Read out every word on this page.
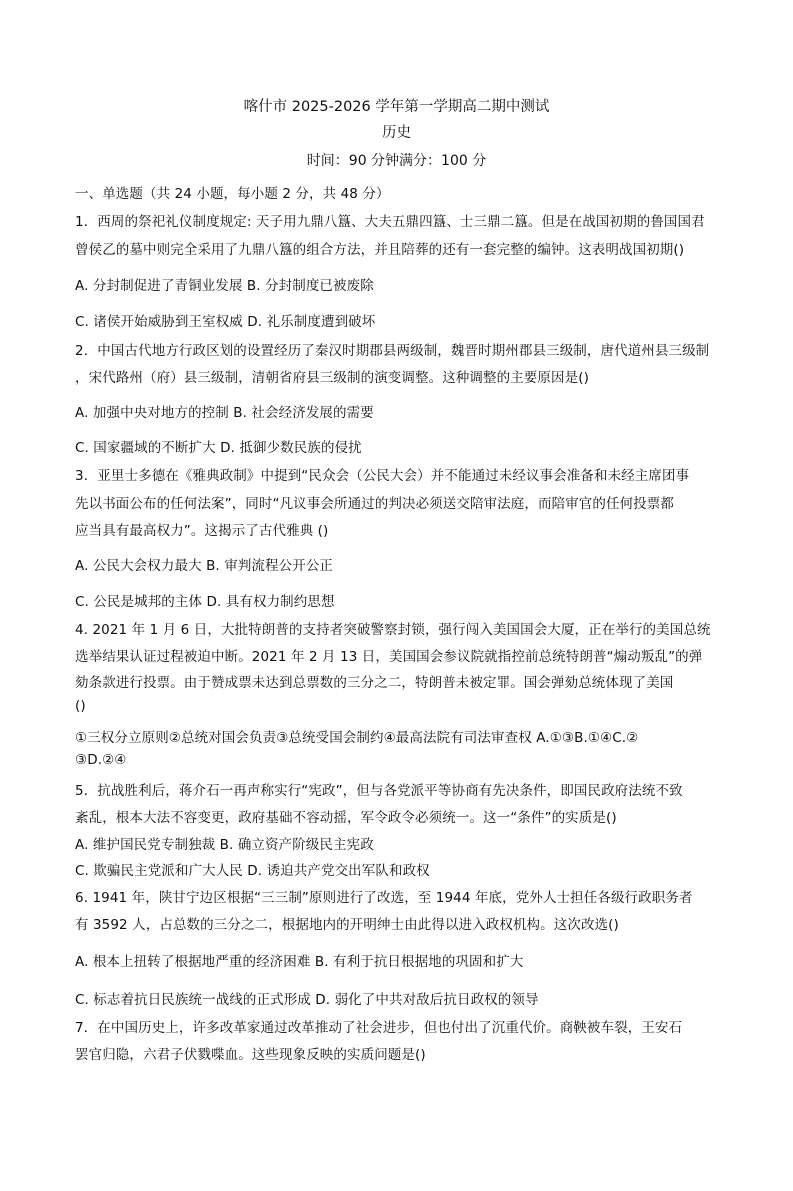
喀什市 2025-2026 学年第一学期高二期中测试
历史
时间：90 分钟满分：100 分
一、单选题（共 24 小题，每小题 2 分，共 48 分）
1．西周的祭祀礼仪制度规定: 天子用九鼎八簋、大夫五鼎四簋、士三鼎二簋。但是在战国初期的鲁国国君
曾侯乙的墓中则完全采用了九鼎八簋的组合方法，并且陪葬的还有一套完整的编钟。这表明战国初期()
A. 分封制促进了青铜业发展 B. 分封制度已被废除
C. 诸侯开始威胁到王室权威 D. 礼乐制度遭到破坏
2．中国古代地方行政区划的设置经历了秦汉时期郡县两级制，魏晋时期州郡县三级制，唐代道州县三级制
，宋代路州（府）县三级制，清朝省府县三级制的演变调整。这种调整的主要原因是()
A. 加强中央对地方的控制 B. 社会经济发展的需要
C. 国家疆域的不断扩大 D. 抵御少数民族的侵扰
3．亚里士多德在《雅典政制》中提到“民众会（公民大会）并不能通过未经议事会准备和未经主席团事
先以书面公布的任何法案”，同时“凡议事会所通过的判决必须送交陪审法庭，而陪审官的任何投票都
应当具有最高权力”。这揭示了古代雅典 ()
A. 公民大会权力最大 B. 审判流程公开公正
C. 公民是城邦的主体 D. 具有权力制约思想
4. 2021 年 1 月 6 日，大批特朗普的支持者突破警察封锁，强行闯入美国国会大厦，正在举行的美国总统
选举结果认证过程被迫中断。2021 年 2 月 13 日，美国国会参议院就指控前总统特朗普“煽动叛乱”的弹
劾条款进行投票。由于赞成票未达到总票数的三分之二，特朗普未被定罪。国会弹劾总统体现了美国
()
①三权分立原则②总统对国会负责③总统受国会制约④最高法院有司法审查权 A.①③B.①④C.②
③D.②④
5．抗战胜利后，蒋介石一再声称实行“宪政”，但与各党派平等协商有先决条件，即国民政府法统不致
紊乱，根本大法不容变更，政府基础不容动摇，军令政令必须统一。这一“条件”的实质是()
A. 维护国民党专制独裁 B. 确立资产阶级民主宪政
C. 欺骗民主党派和广大人民 D. 诱迫共产党交出军队和政权
6. 1941 年，陕甘宁边区根据“三三制”原则进行了改选，至 1944 年底，党外人士担任各级行政职务者
有 3592 人，占总数的三分之二，根据地内的开明绅士由此得以进入政权机构。这次改选()
A. 根本上扭转了根据地严重的经济困难 B. 有利于抗日根据地的巩固和扩大
C. 标志着抗日民族统一战线的正式形成 D. 弱化了中共对敌后抗日政权的领导
7．在中国历史上，许多改革家通过改革推动了社会进步，但也付出了沉重代价。商鞅被车裂，王安石
罢官归隐，六君子伏戮喋血。这些现象反映的实质问题是()
